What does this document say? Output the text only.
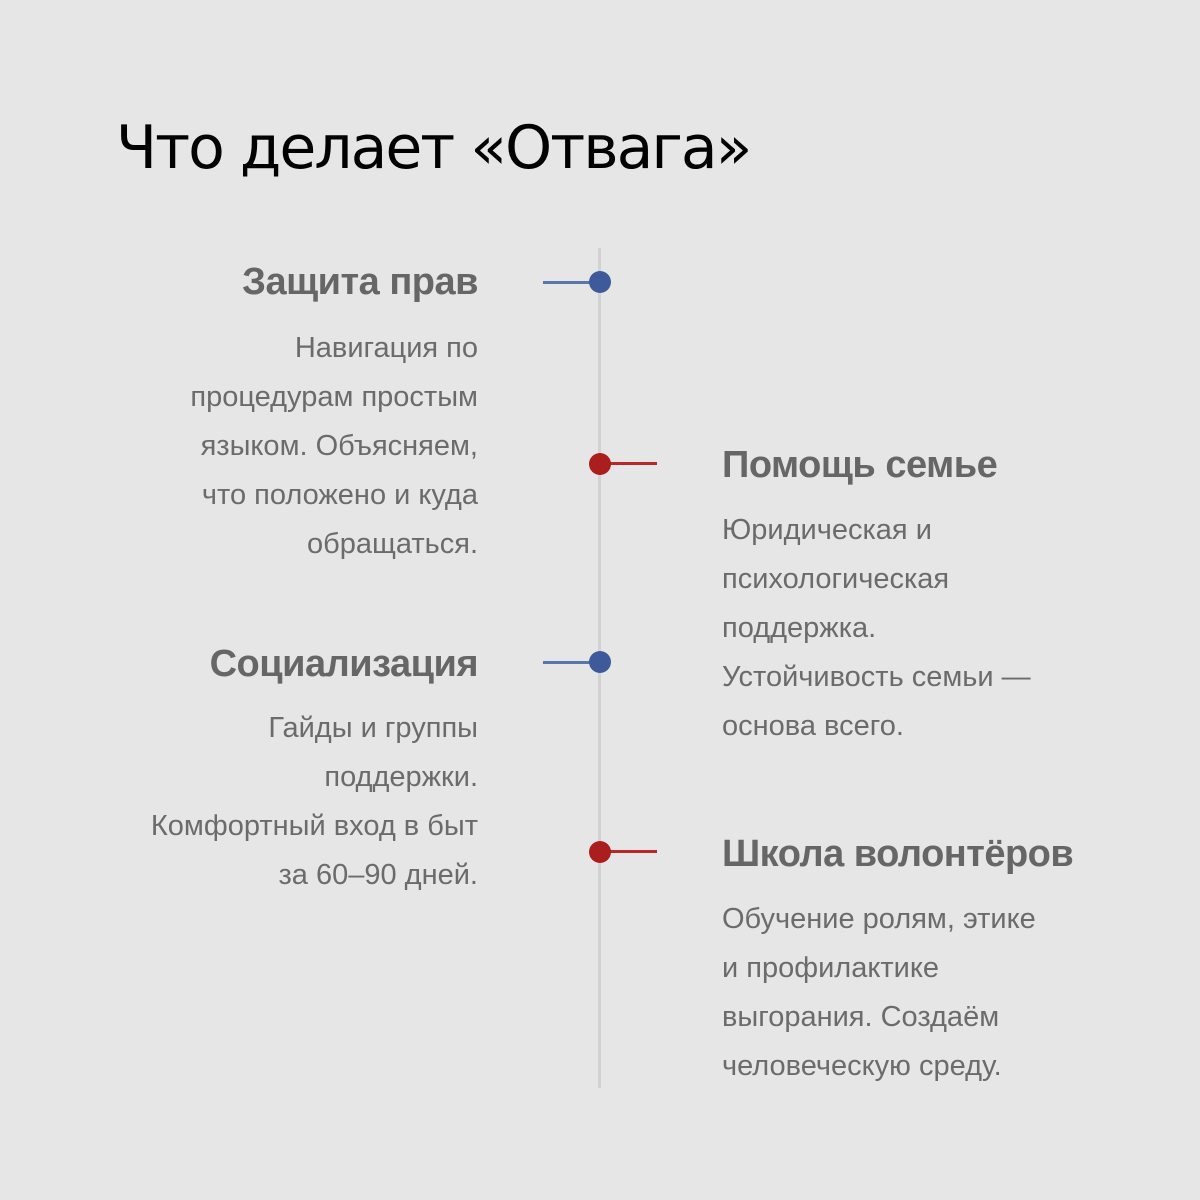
Что делает «Отвага»

Защита прав

Навигация по
процедурам простым
языком. Объясняем,
что положено и куда
обращаться.

Помощь семье

Юридическая и
психологическая
поддержка.
Устойчивость семьи —
основа всего.

Социализация

Гайды и группы
поддержки.
Комфортный вход в быт
за 60–90 дней.	Школа волонтёров

Обучение ролям, этике
и профилактике
выгорания. Создаём
человеческую среду.
